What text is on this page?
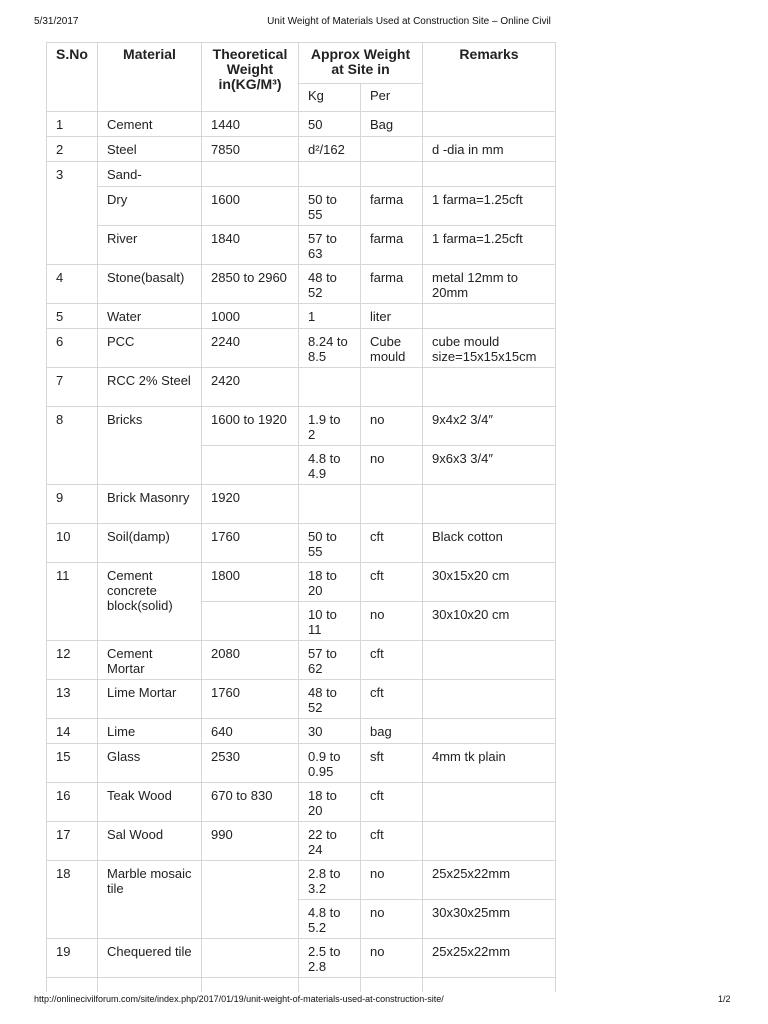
5/31/2017	Unit Weight of Materials Used at Construction Site – Online Civil
S.No	Material	Theoretical Weight in(KG/M³)	Approx Weight at Site in		Remarks
			Kg	Per	
1	Cement	1440	50	Bag	
2	Steel	7850	d²/162		d -dia in mm
3	Sand-				
	Dry	1600	50 to 55	farma	1 farma=1.25cft
	River	1840	57 to 63	farma	1 farma=1.25cft
4	Stone(basalt)	2850 to 2960	48 to 52	farma	metal 12mm to 20mm
5	Water	1000	1	liter	
6	PCC	2240	8.24 to 8.5	Cube mould	cube mould size=15x15x15cm
7	RCC 2% Steel	2420			
8	Bricks	1600 to 1920	1.9 to 2	no	9x4x2 3/4″
			4.8 to 4.9	no	9x6x3 3/4″
9	Brick Masonry	1920			
10	Soil(damp)	1760	50 to 55	cft	Black cotton
11	Cement concrete block(solid)	1800	18 to 20	cft	30x15x20 cm
			10 to 11	no	30x10x20 cm
12	Cement Mortar	2080	57 to 62	cft	
13	Lime Mortar	1760	48 to 52	cft	
14	Lime	640	30	bag	
15	Glass	2530	0.9 to 0.95	sft	4mm tk plain
16	Teak Wood	670 to 830	18 to 20	cft	
17	Sal Wood	990	22 to 24	cft	
18	Marble mosaic tile		2.8 to 3.2	no	25x25x22mm
			4.8 to 5.2	no	30x30x25mm
19	Chequered tile		2.5 to 2.8	no	25x25x22mm

http://onlinecivilforum.com/site/index.php/2017/01/19/unit-weight-of-materials-used-at-construction-site/	1/2
